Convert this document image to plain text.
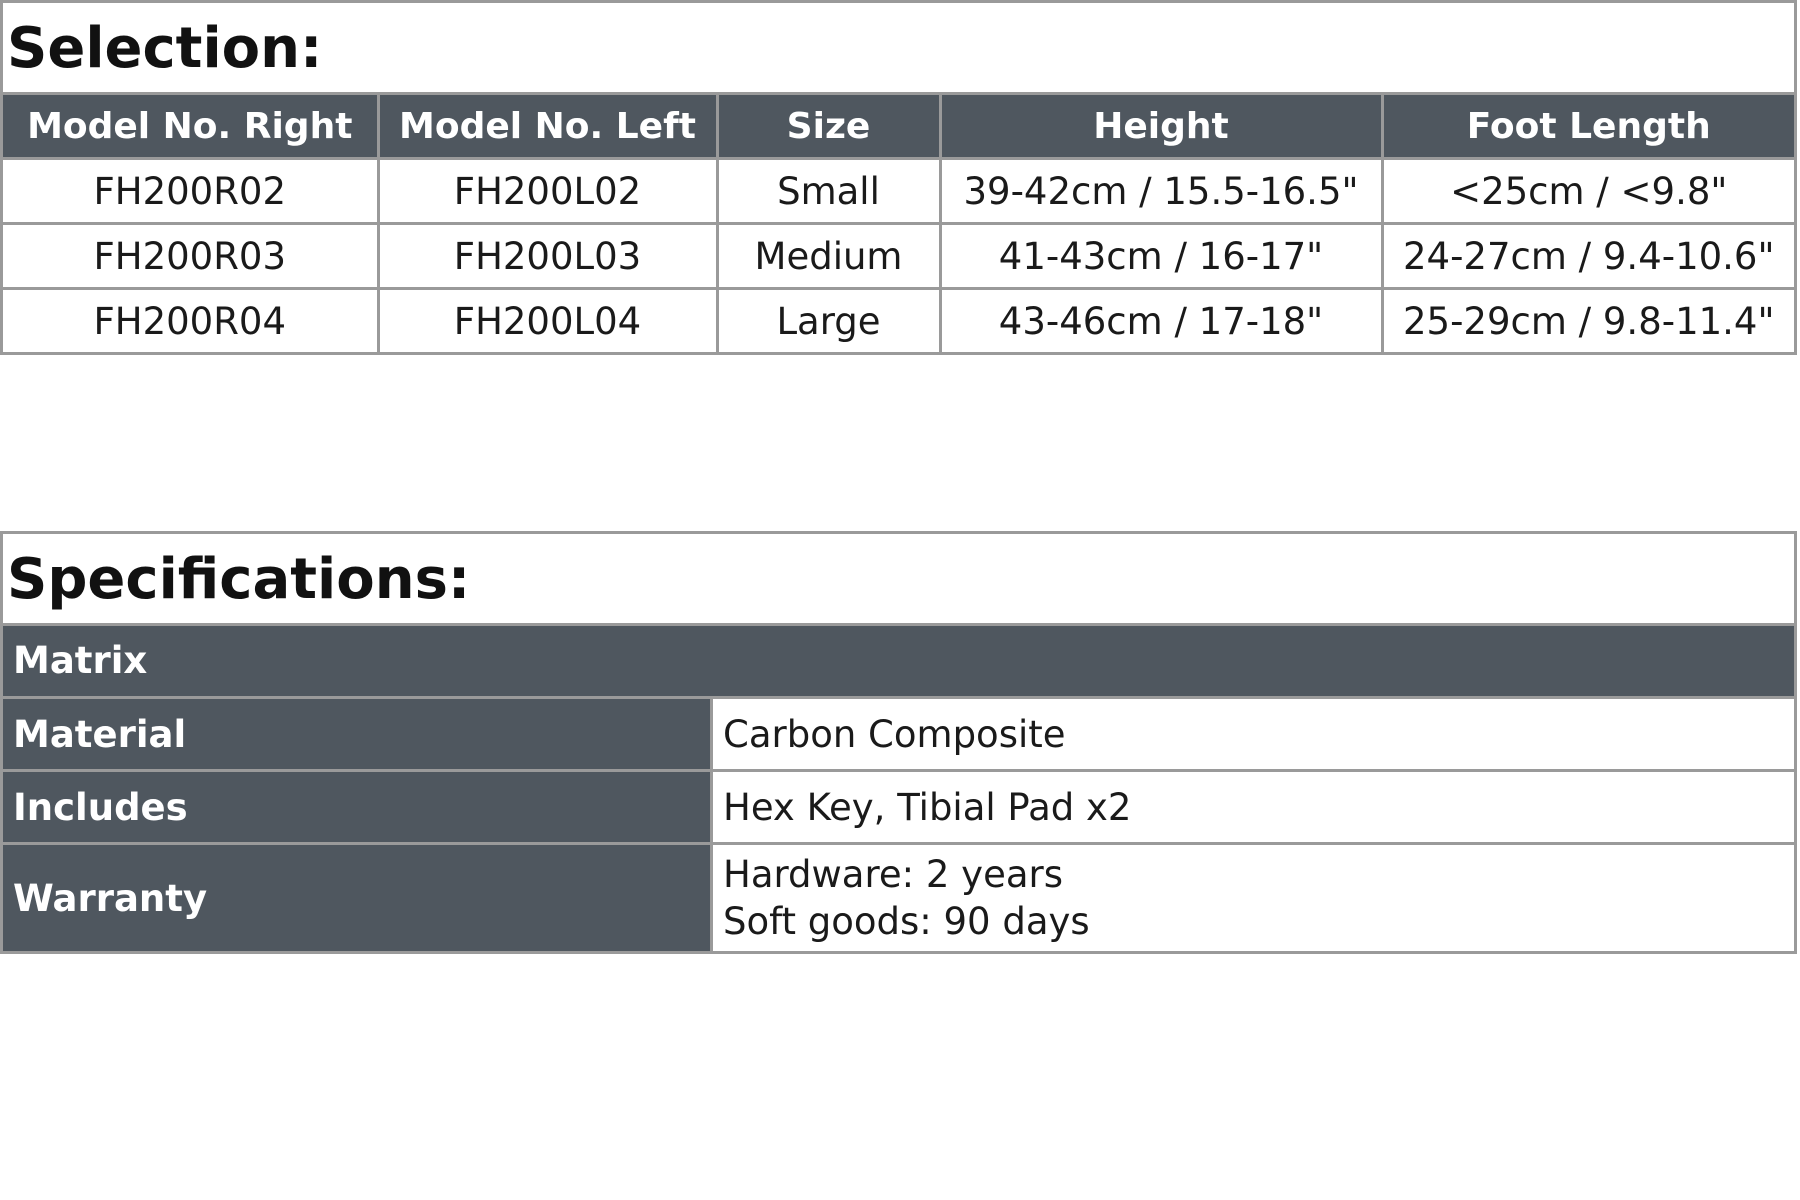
Selection:
Model No. Right	Model No. Left	Size	Height	Foot Length
FH200R02	FH200L02	Small	39-42cm / 15.5-16.5"	<25cm / <9.8"
FH200R03	FH200L03	Medium	41-43cm / 16-17"	24-27cm / 9.4-10.6"
FH200R04	FH200L04	Large	43-46cm / 17-18"	25-29cm / 9.8-11.4"
Specifications:
Matrix
Material	Carbon Composite
Includes	Hex Key, Tibial Pad x2
Warranty	Hardware: 2 years
Soft goods: 90 days
